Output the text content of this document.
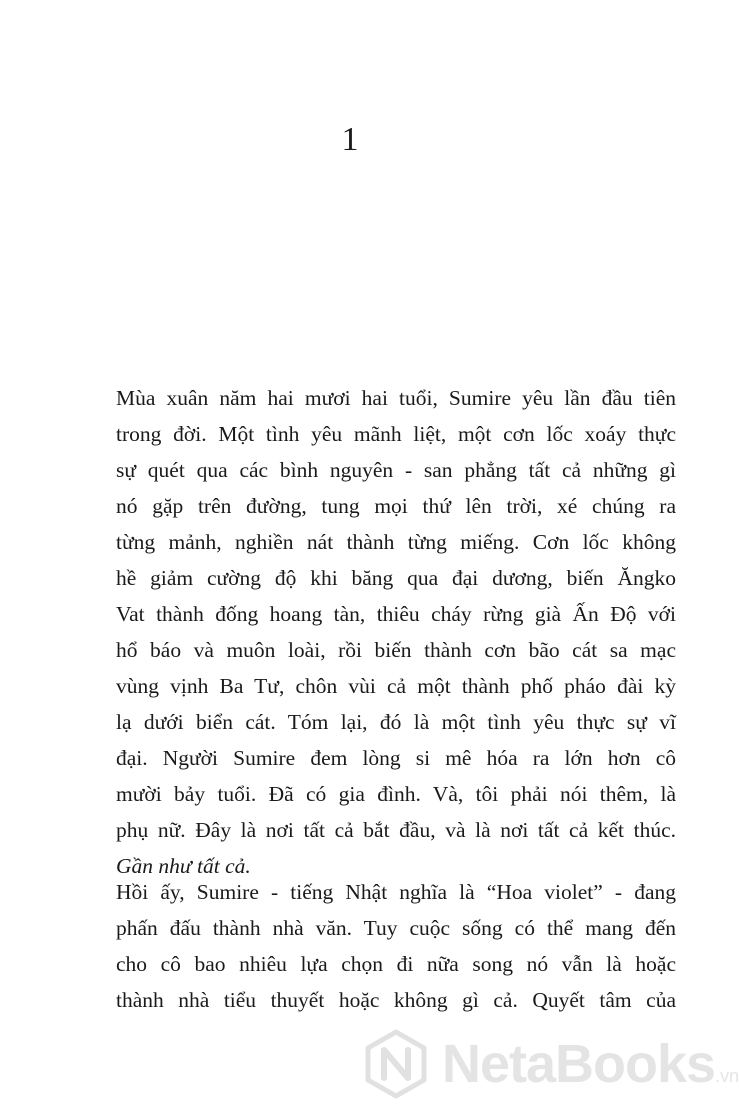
1
Mùa xuân năm hai mươi hai tuổi, Sumire yêu lần đầu tiên
trong đời. Một tình yêu mãnh liệt, một cơn lốc xoáy thực
sự quét qua các bình nguyên - san phẳng tất cả những gì
nó gặp trên đường, tung mọi thứ lên trời, xé chúng ra
từng mảnh, nghiền nát thành từng miếng. Cơn lốc không
hề giảm cường độ khi băng qua đại dương, biến Ăngko
Vat thành đống hoang tàn, thiêu cháy rừng già Ấn Độ với
hổ báo và muôn loài, rồi biến thành cơn bão cát sa mạc
vùng vịnh Ba Tư, chôn vùi cả một thành phố pháo đài kỳ
lạ dưới biển cát. Tóm lại, đó là một tình yêu thực sự vĩ
đại. Người Sumire đem lòng si mê hóa ra lớn hơn cô
mười bảy tuổi. Đã có gia đình. Và, tôi phải nói thêm, là
phụ nữ. Đây là nơi tất cả bắt đầu, và là nơi tất cả kết thúc.
Gần như tất cả.
Hồi ấy, Sumire - tiếng Nhật nghĩa là “Hoa violet” - đang
phấn đấu thành nhà văn. Tuy cuộc sống có thể mang đến
cho cô bao nhiêu lựa chọn đi nữa song nó vẫn là hoặc
thành nhà tiểu thuyết hoặc không gì cả. Quyết tâm của
NetaBooks.vn
